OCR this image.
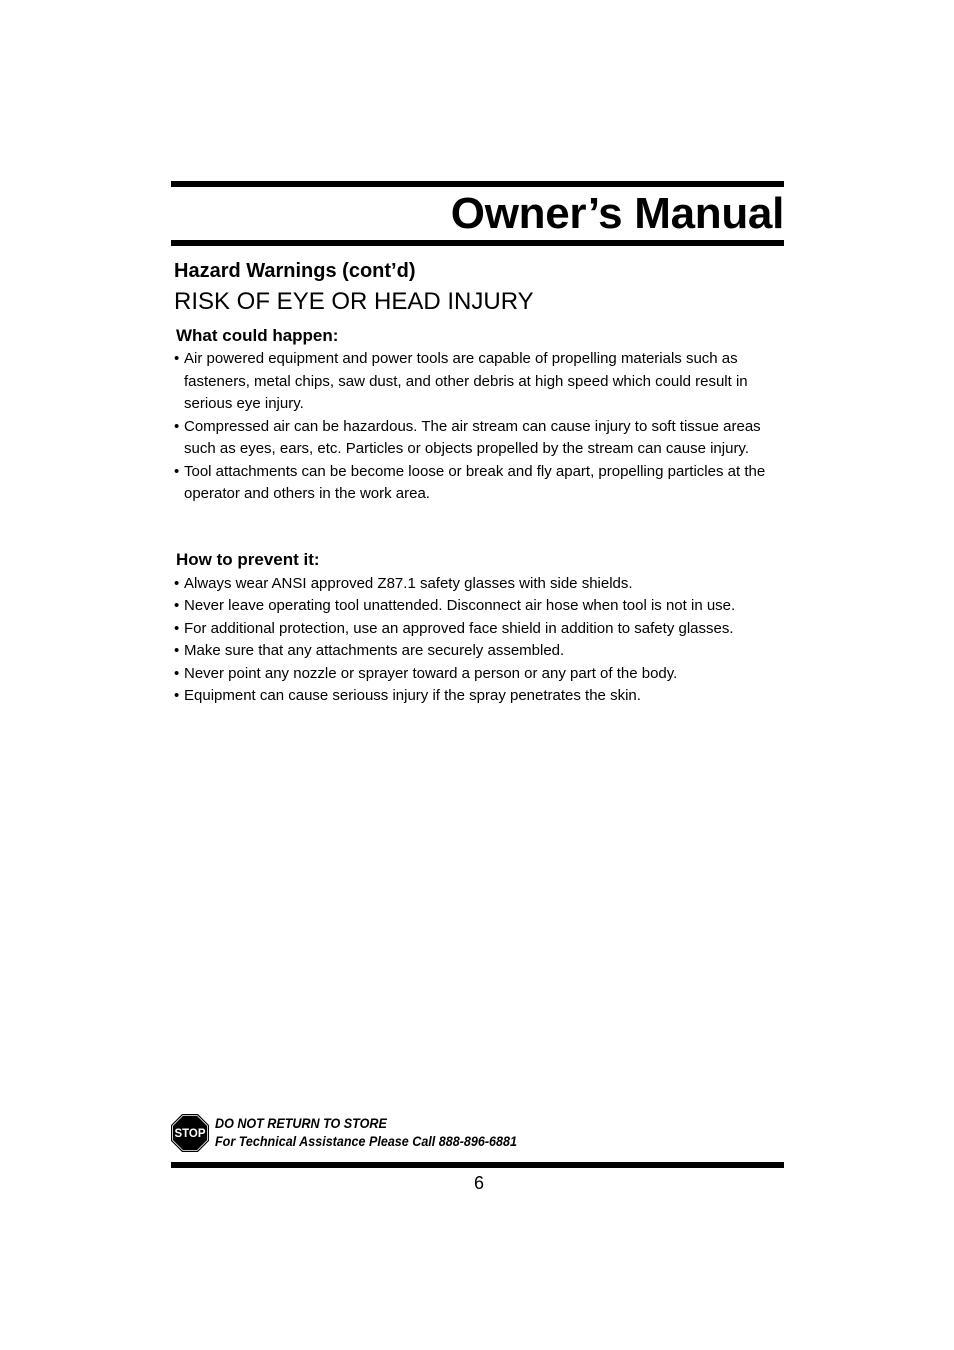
Owner’s Manual
Hazard Warnings (cont’d)
RISK OF EYE OR HEAD INJURY
What could happen:
• Air powered equipment and power tools are capable of propelling materials such as fasteners, metal chips, saw dust, and other debris at high speed which could result in serious eye injury.
• Compressed air can be hazardous. The air stream can cause injury to soft tissue areas such as eyes, ears, etc. Particles or objects propelled by the stream can cause injury.
• Tool attachments can be become loose or break and fly apart, propelling particles at the operator and others in the work area.
How to prevent it:
• Always wear ANSI approved Z87.1 safety glasses with side shields.
• Never leave operating tool unattended. Disconnect air hose when tool is not in use.
• For additional protection, use an approved face shield in addition to safety glasses.
• Make sure that any attachments are securely assembled.
• Never point any nozzle or sprayer toward a person or any part of the body.
• Equipment can cause seriouss injury if the spray penetrates the skin.
STOP
DO NOT RETURN TO STORE
For Technical Assistance Please Call 888-896-6881
6
